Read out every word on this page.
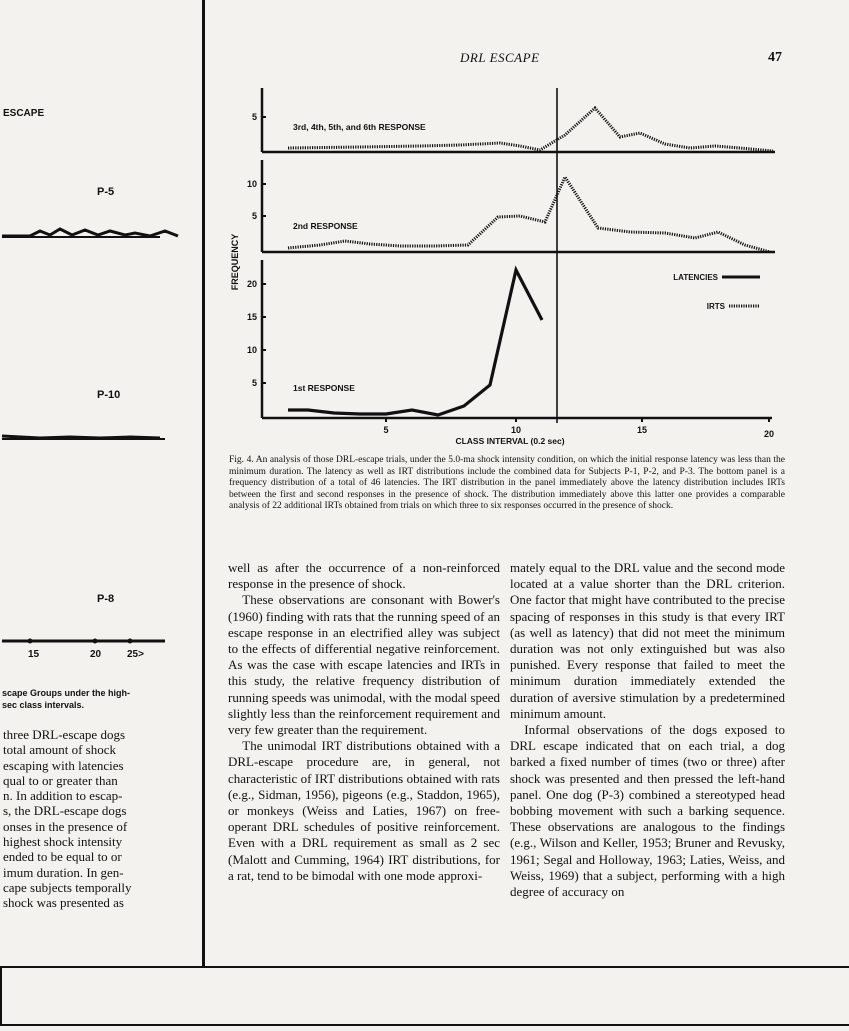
ESCAPE
P-5
P-10
P-8
15	20	25>
scape Groups under the high-
sec class intervals.
three DRL-escape dogs
total amount of shock
escaping with latencies
qual to or greater than
n. In addition to escap-
s, the DRL-escape dogs
onses in the presence of
highest shock intensity
ended to be equal to or
imum duration. In gen-
cape subjects temporally
shock was presented as
DRL ESCAPE	47
FREQUENCY
5
3rd, 4th, 5th, and 6th RESPONSE
10
5
2nd RESPONSE
20
15
10
5	1st RESPONSE
LATENCIES
IRTS
5	10	15	20
CLASS INTERVAL (0.2 sec)
Fig. 4. An analysis of those DRL-escape trials, under the 5.0-ma shock intensity condition, on which the initial response latency was less than the minimum duration. The latency as well as IRT distributions include the combined data for Subjects P-1, P-2, and P-3. The bottom panel is a frequency distribution of a total of 46 latencies. The IRT distribution in the panel immediately above the latency distribution includes IRTs between the first and second responses in the presence of shock. The distribution immediately above this latter one provides a comparable analysis of 22 additional IRTs obtained from trials on which three to six responses occurred in the presence of shock.

well as after the occurrence of a non-reinforced response in the presence of shock.

These observations are consonant with Bower's (1960) finding with rats that the running speed of an escape response in an electrified alley was subject to the effects of differential negative reinforcement. As was the case with escape latencies and IRTs in this study, the relative frequency distribution of running speeds was unimodal, with the modal speed slightly less than the reinforcement requirement and very few greater than the requirement.

The unimodal IRT distributions obtained with a DRL-escape procedure are, in general, not characteristic of IRT distributions obtained with rats (e.g., Sidman, 1956), pigeons (e.g., Staddon, 1965), or monkeys (Weiss and Laties, 1967) on free-operant DRL schedules of positive reinforcement. Even with a DRL requirement as small as 2 sec (Malott and Cumming, 1964) IRT distributions, for a rat, tend to be bimodal with one mode approxi-

mately equal to the DRL value and the second mode located at a value shorter than the DRL criterion. One factor that might have contributed to the precise spacing of responses in this study is that every IRT (as well as latency) that did not meet the minimum duration was not only extinguished but was also punished. Every response that failed to meet the minimum duration immediately extended the duration of aversive stimulation by a predetermined minimum amount.

Informal observations of the dogs exposed to DRL escape indicated that on each trial, a dog barked a fixed number of times (two or three) after shock was presented and then pressed the left-hand panel. One dog (P-3) combined a stereotyped head bobbing movement with such a barking sequence. These observations are analogous to the findings (e.g., Wilson and Keller, 1953; Bruner and Revusky, 1961; Segal and Holloway, 1963; Laties, Weiss, and Weiss, 1969) that a subject, performing with a high degree of accuracy on
